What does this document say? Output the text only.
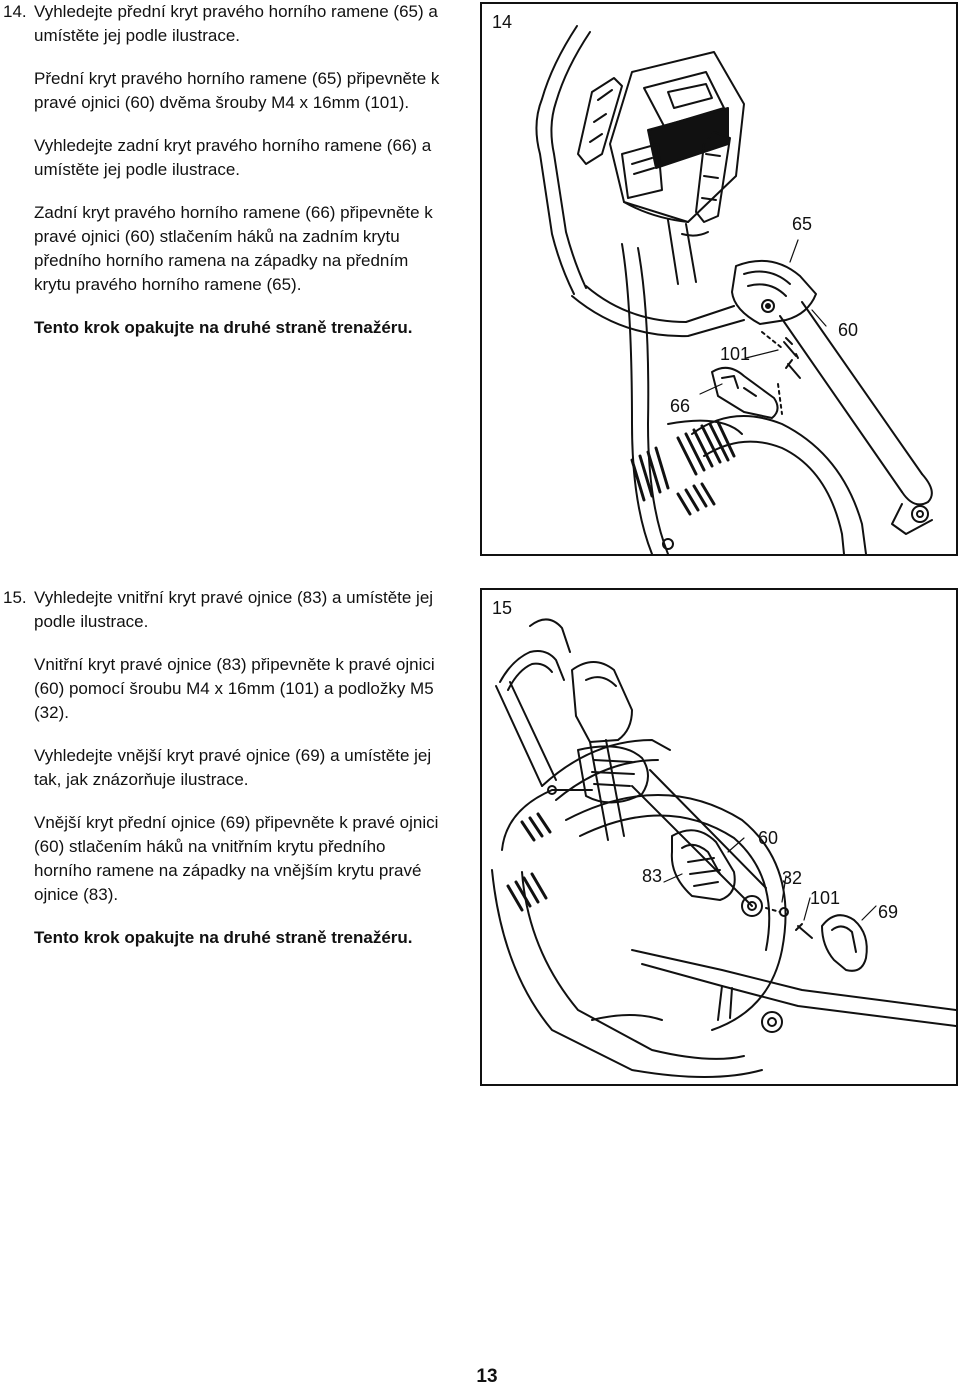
14. Vyhledejte přední kryt pravého horního ramene (65) a umístěte jej podle ilustrace.

Přední kryt pravého horního ramene (65) připevněte k pravé ojnici (60) dvěma šrouby M4 x 16mm (101).

Vyhledejte zadní kryt pravého horního ramene (66) a umístěte jej podle ilustrace.

Zadní kryt pravého horního ramene (66) připevněte k pravé ojnici (60) stlačením háků na zadním krytu předního horního ramena na západky na předním krytu pravého horního ramene (65).

Tento krok opakujte na druhé straně trenažéru.

14
65
60
101
66

15. Vyhledejte vnitřní kryt pravé ojnice (83) a umístěte jej podle ilustrace.

Vnitřní kryt pravé ojnice (83) připevněte k pravé ojnici (60) pomocí šroubu M4 x 16mm (101) a podložky M5 (32).

Vyhledejte vnější kryt pravé ojnice (69) a umístěte jej tak, jak znázorňuje ilustrace.

Vnější kryt přední ojnice (69) připevněte k pravé ojnici (60) stlačením háků na vnitřním krytu předního horního ramene na západky na vnějším krytu pravé ojnice (83).

Tento krok opakujte na druhé straně trenažéru.

15
60
83	32
101
69
13
